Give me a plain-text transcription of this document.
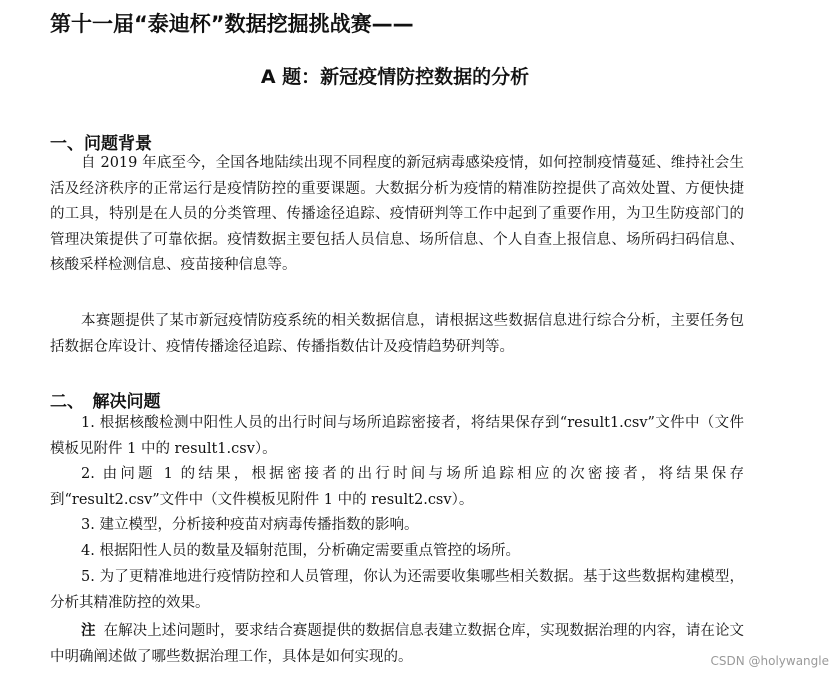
第十一届“泰迪杯”数据挖掘挑战赛——
A 题：新冠疫情防控数据的分析
一、问题背景

自 2019 年底至今，全国各地陆续出现不同程度的新冠病毒感染疫情，如何控制疫情蔓延、维持社会生活及经济秩序的正常运行是疫情防控的重要课题。大数据分析为疫情的精准防控提供了高效处置、方便快捷的工具，特别是在人员的分类管理、传播途径追踪、疫情研判等工作中起到了重要作用，为卫生防疫部门的管理决策提供了可靠依据。疫情数据主要包括人员信息、场所信息、个人自查上报信息、场所码扫码信息、核酸采样检测信息、疫苗接种信息等。

本赛题提供了某市新冠疫情防疫系统的相关数据信息，请根据这些数据信息进行综合分析，主要任务包括数据仓库设计、疫情传播途径追踪、传播指数估计及疫情趋势研判等。

二、　解决问题

1. 根据核酸检测中阳性人员的出行时间与场所追踪密接者，将结果保存到“result1.csv”文件中（文件模板见附件 1 中的 result1.csv）。

2. 由问题 1 的结果，根据密接者的出行时间与场所追踪相应的次密接者，将结果保存到“result2.csv”文件中（文件模板见附件 1 中的 result2.csv）。

3. 建立模型，分析接种疫苗对病毒传播指数的影响。

4. 根据阳性人员的数量及辐射范围，分析确定需要重点管控的场所。

5. 为了更精准地进行疫情防控和人员管理，你认为还需要收集哪些相关数据。基于这些数据构建模型，分析其精准防控的效果。

注 在解决上述问题时，要求结合赛题提供的数据信息表建立数据仓库，实现数据治理的内容，请在论文中明确阐述做了哪些数据治理工作，具体是如何实现的。	CSDN @holywangle
